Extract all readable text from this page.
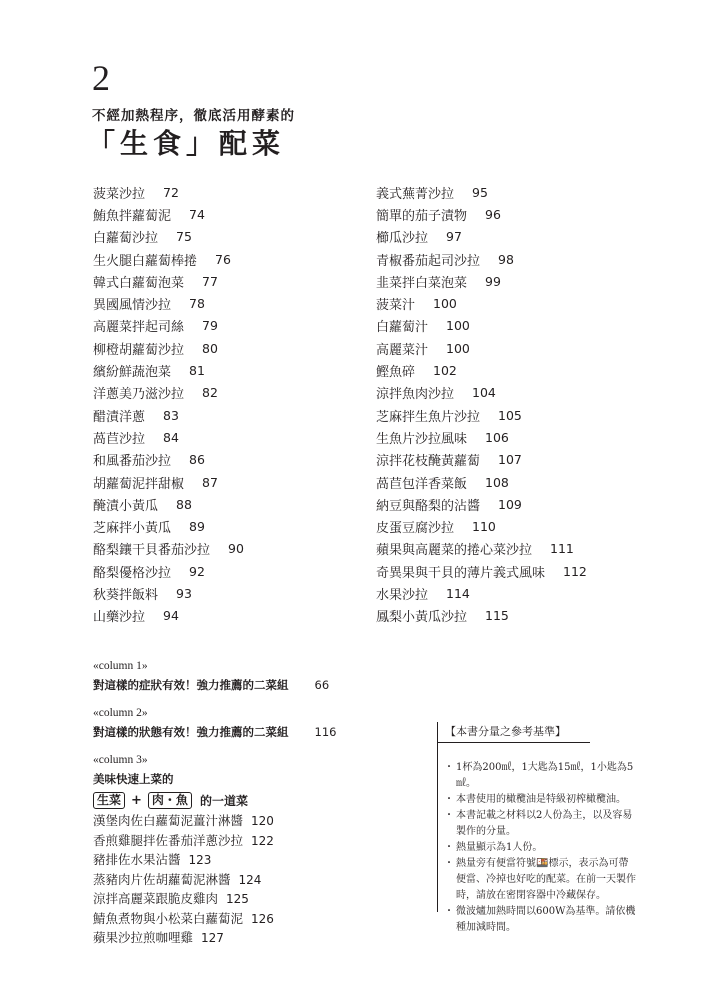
2
不經加熱程序，徹底活用酵素的
「生食」配菜
菠菜沙拉 72
鮪魚拌蘿蔔泥 74
白蘿蔔沙拉 75
生火腿白蘿蔔棒捲 76
韓式白蘿蔔泡菜 77
異國風情沙拉 78
高麗菜拌起司絲 79
柳橙胡蘿蔔沙拉 80
繽紛鮮蔬泡菜 81
洋蔥美乃滋沙拉 82
醋漬洋蔥 83
萵苣沙拉 84
和風番茄沙拉 86
胡蘿蔔泥拌甜椒 87
醃漬小黃瓜 88
芝麻拌小黃瓜 89
酪梨鑲干貝番茄沙拉 90
酪梨優格沙拉 92
秋葵拌飯料 93
山藥沙拉 94
義式蕪菁沙拉 95
簡單的茄子漬物 96
櫛瓜沙拉 97
青椒番茄起司沙拉 98
韭菜拌白菜泡菜 99
菠菜汁 100
白蘿蔔汁 100
高麗菜汁 100
鰹魚碎 102
涼拌魚肉沙拉 104
芝麻拌生魚片沙拉 105
生魚片沙拉風味 106
涼拌花枝醃黃蘿蔔 107
萵苣包洋香菜飯 108
納豆與酪梨的沾醬 109
皮蛋豆腐沙拉 110
蘋果與高麗菜的捲心菜沙拉 111
奇異果與干貝的薄片義式風味 112
水果沙拉 114
鳳梨小黃瓜沙拉 115
«column 1»
對這樣的症狀有效！強力推薦的二菜組 66
«column 2»
對這樣的狀態有效！強力推薦的二菜組 116
«column 3»
美味快速上菜的
生菜 + 肉・魚	的一道菜
漢堡肉佐白蘿蔔泥薑汁淋醬 120
香煎雞腿拌佐番茄洋蔥沙拉 122
豬排佐水果沾醬 123
蒸豬肉片佐胡蘿蔔泥淋醬 124
涼拌高麗菜跟脆皮雞肉 125
鯖魚煮物與小松菜白蘿蔔泥 126
蘋果沙拉煎咖哩雞 127
【本書分量之參考基準】
・ 1杯為200㎖，1大匙為15㎖，1小匙為5㎖。
・ 本書使用的橄欖油是特級初榨橄欖油。
・ 本書記載之材料以2人份為主，以及容易製作的分量。
・ 熱量顯示為1人份。
・ 熱量旁有便當符號🍱標示，表示為可帶便當、冷掉也好吃的配菜。在前一天製作時，請放在密閉容器中冷藏保存。
・ 微波爐加熱時間以600W為基準。請依機種加減時間。
